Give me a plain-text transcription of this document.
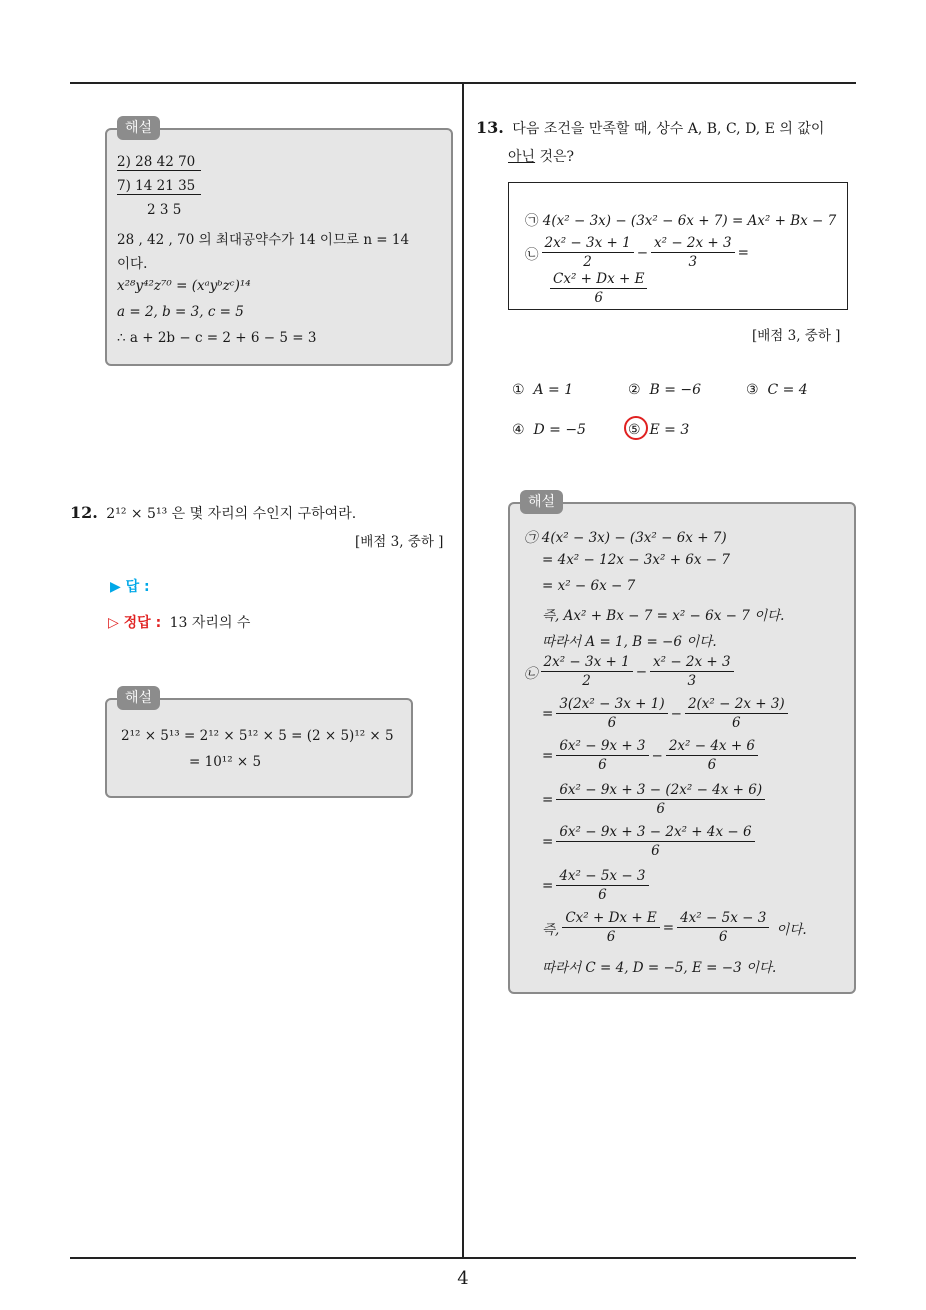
4
해설
2) 28 42 70
7) 14 21 35
2 3 5
28 , 42 , 70 의 최대공약수가 14 이므로 n = 14
이다.
x²⁸y⁴²z⁷⁰ = (xᵃyᵇzᶜ)¹⁴
a = 2, b = 3, c = 5
∴ a + 2b − c = 2 + 6 − 5 = 3
12. 2¹² × 5¹³ 은 몇 자리의 수인지 구하여라.
[배점 3, 중하 ]
▶ 답 :
▷ 정답 : 13 자리의 수
해설
2¹² × 5¹³ = 2¹² × 5¹² × 5 = (2 × 5)¹² × 5
= 10¹² × 5
13. 다음 조건을 만족할 때, 상수 A, B, C, D, E 의 값이
아닌 것은?
㉠ 4(x² − 3x) − (3x² − 6x + 7) = Ax² + Bx − 7
㉡ $\frac{\text{2x² − 3x + 1}}{2} - \frac{\text{x² − 2x + 3}}{3}$ =
$\frac{\text{Cx² + Dx + E}}{6}$
[배점 3, 중하 ]
① A = 1	② B = −6	③ C = 4
④ D = −5	⑤ E = 3
해설
㉠ 4(x² − 3x) − (3x² − 6x + 7)
= 4x² − 12x − 3x² + 6x − 7
= x² − 6x − 7
즉, Ax² + Bx − 7 = x² − 6x − 7 이다.
따라서 A = 1, B = −6 이다.
㉡ $\frac{\text{2x² − 3x + 1}}{2} - \frac{\text{x² − 2x + 3}}{3}$
= $\frac{\text{3(2x² − 3x + 1)}}{6} - \frac{\text{2(x² − 2x + 3)}}{6}$
= $\frac{\text{6x² − 9x + 3}}{6} - \frac{\text{2x² − 4x + 6}}{6}$
= $\frac{\text{6x² − 9x + 3 − (2x² − 4x + 6)}}{6}$
= $\frac{\text{6x² − 9x + 3 − 2x² + 4x − 6}}{6}$
= $\frac{\text{4x² − 5x − 3}}{6}$
즉, $\frac{\text{Cx² + Dx + E}}{6} = \frac{\text{4x² − 5x − 3}}{6}$ 이다.
따라서 C = 4, D = −5, E = −3 이다.
